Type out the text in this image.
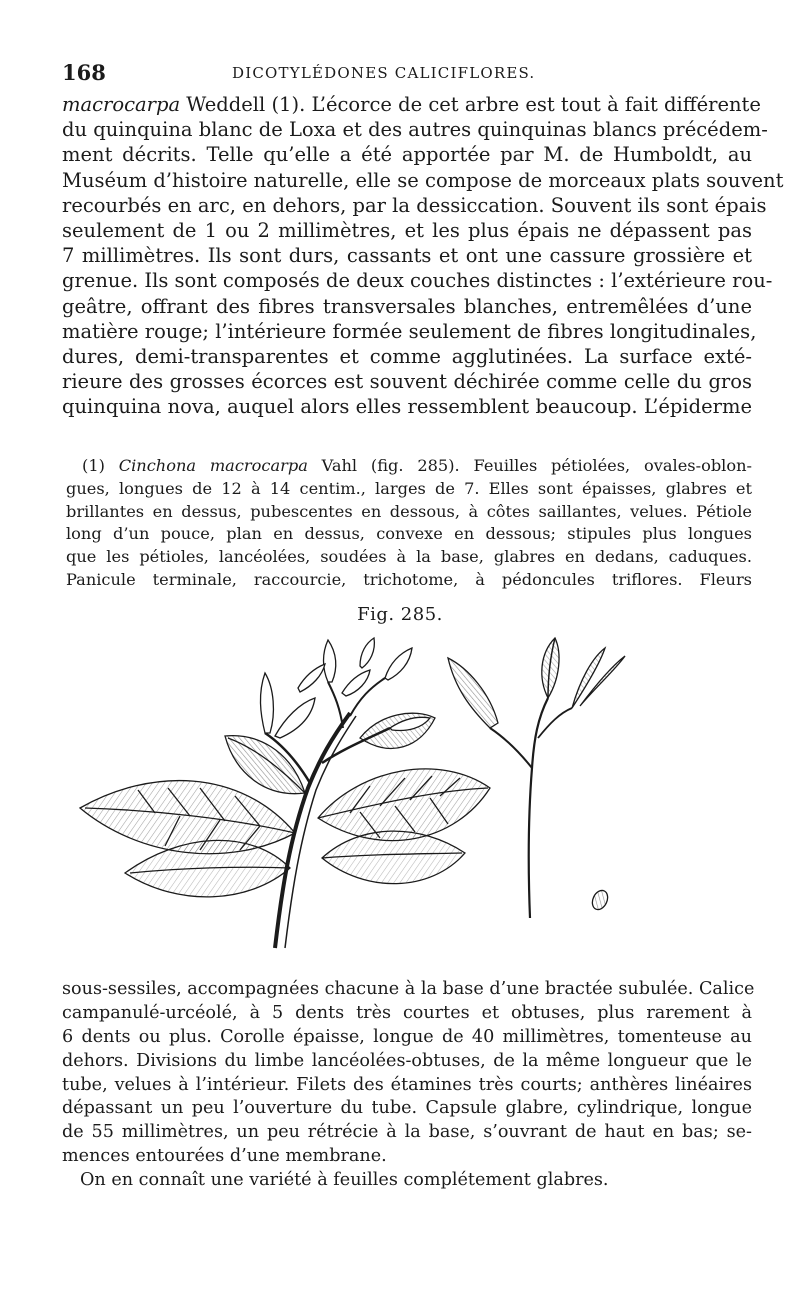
168	DICOTYLÉDONES CALICIFLORES.
macrocarpa Weddell (1). L’écorce de cet arbre est tout à fait différente
du quinquina blanc de Loxa et des autres quinquinas blancs précédem-
ment décrits. Telle qu’elle a été apportée par M. de Humboldt, au
Muséum d’histoire naturelle, elle se compose de morceaux plats souvent
recourbés en arc, en dehors, par la dessiccation. Souvent ils sont épais
seulement de 1 ou 2 millimètres, et les plus épais ne dépassent pas
7 millimètres. Ils sont durs, cassants et ont une cassure grossière et
grenue. Ils sont composés de deux couches distinctes : l’extérieure rou-
geâtre, offrant des fibres transversales blanches, entremêlées d’une
matière rouge; l’intérieure formée seulement de fibres longitudinales,
dures, demi-transparentes et comme agglutinées. La surface exté-
rieure des grosses écorces est souvent déchirée comme celle du gros
quinquina nova, auquel alors elles ressemblent beaucoup. L’épiderme
(1) Cinchona macrocarpa Vahl (fig. 285). Feuilles pétiolées, ovales-oblon-
gues, longues de 12 à 14 centim., larges de 7. Elles sont épaisses, glabres et
brillantes en dessus, pubescentes en dessous, à côtes saillantes, velues. Pétiole
long d’un pouce, plan en dessus, convexe en dessous; stipules plus longues
que les pétioles, lancéolées, soudées à la base, glabres en dedans, caduques.
Panicule terminale, raccourcie, trichotome, à pédoncules triflores. Fleurs
Fig. 285.
sous-sessiles, accompagnées chacune à la base d’une bractée subulée. Calice
campanulé-urcéolé, à 5 dents très courtes et obtuses, plus rarement à
6 dents ou plus. Corolle épaisse, longue de 40 millimètres, tomenteuse au
dehors. Divisions du limbe lancéolées-obtuses, de la même longueur que le
tube, velues à l’intérieur. Filets des étamines très courts; anthères linéaires
dépassant un peu l’ouverture du tube. Capsule glabre, cylindrique, longue
de 55 millimètres, un peu rétrécie à la base, s’ouvrant de haut en bas; se-
mences entourées d’une membrane.
On en connaît une variété à feuilles complétement glabres.
